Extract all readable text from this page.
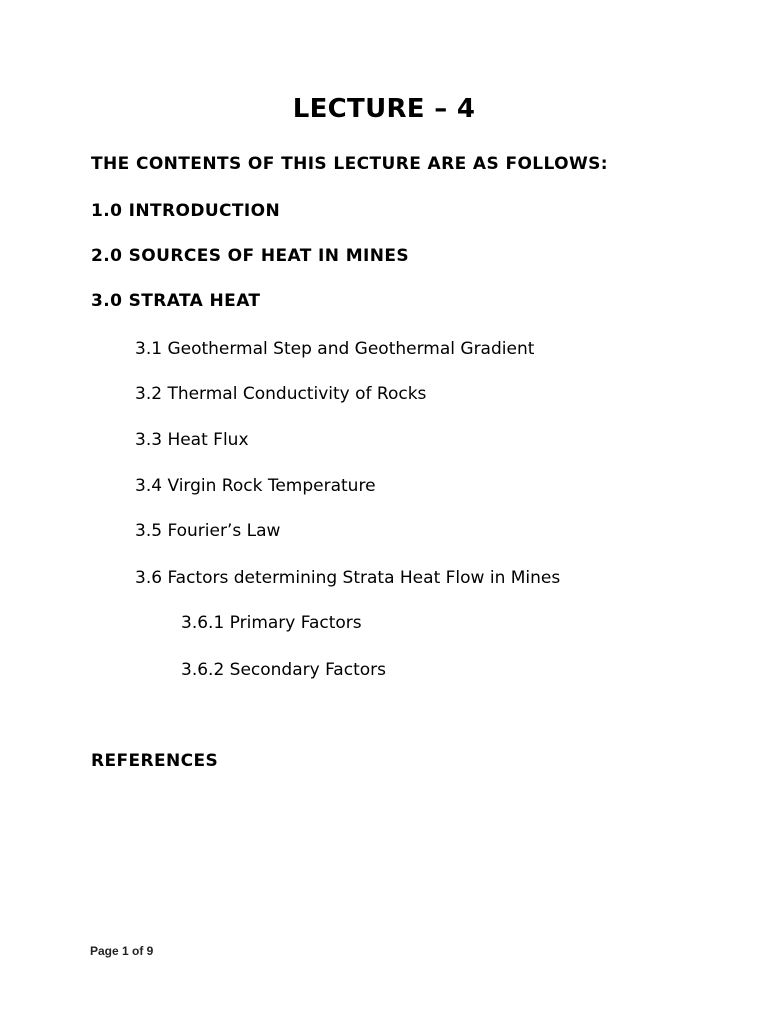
LECTURE – 4
THE CONTENTS OF THIS LECTURE ARE AS FOLLOWS:
1.0 INTRODUCTION
2.0 SOURCES OF HEAT IN MINES
3.0 STRATA HEAT
3.1 Geothermal Step and Geothermal Gradient
3.2 Thermal Conductivity of Rocks
3.3 Heat Flux
3.4 Virgin Rock Temperature
3.5 Fourier’s Law
3.6 Factors determining Strata Heat Flow in Mines
3.6.1 Primary Factors
3.6.2 Secondary Factors
REFERENCES
Page 1 of 9
